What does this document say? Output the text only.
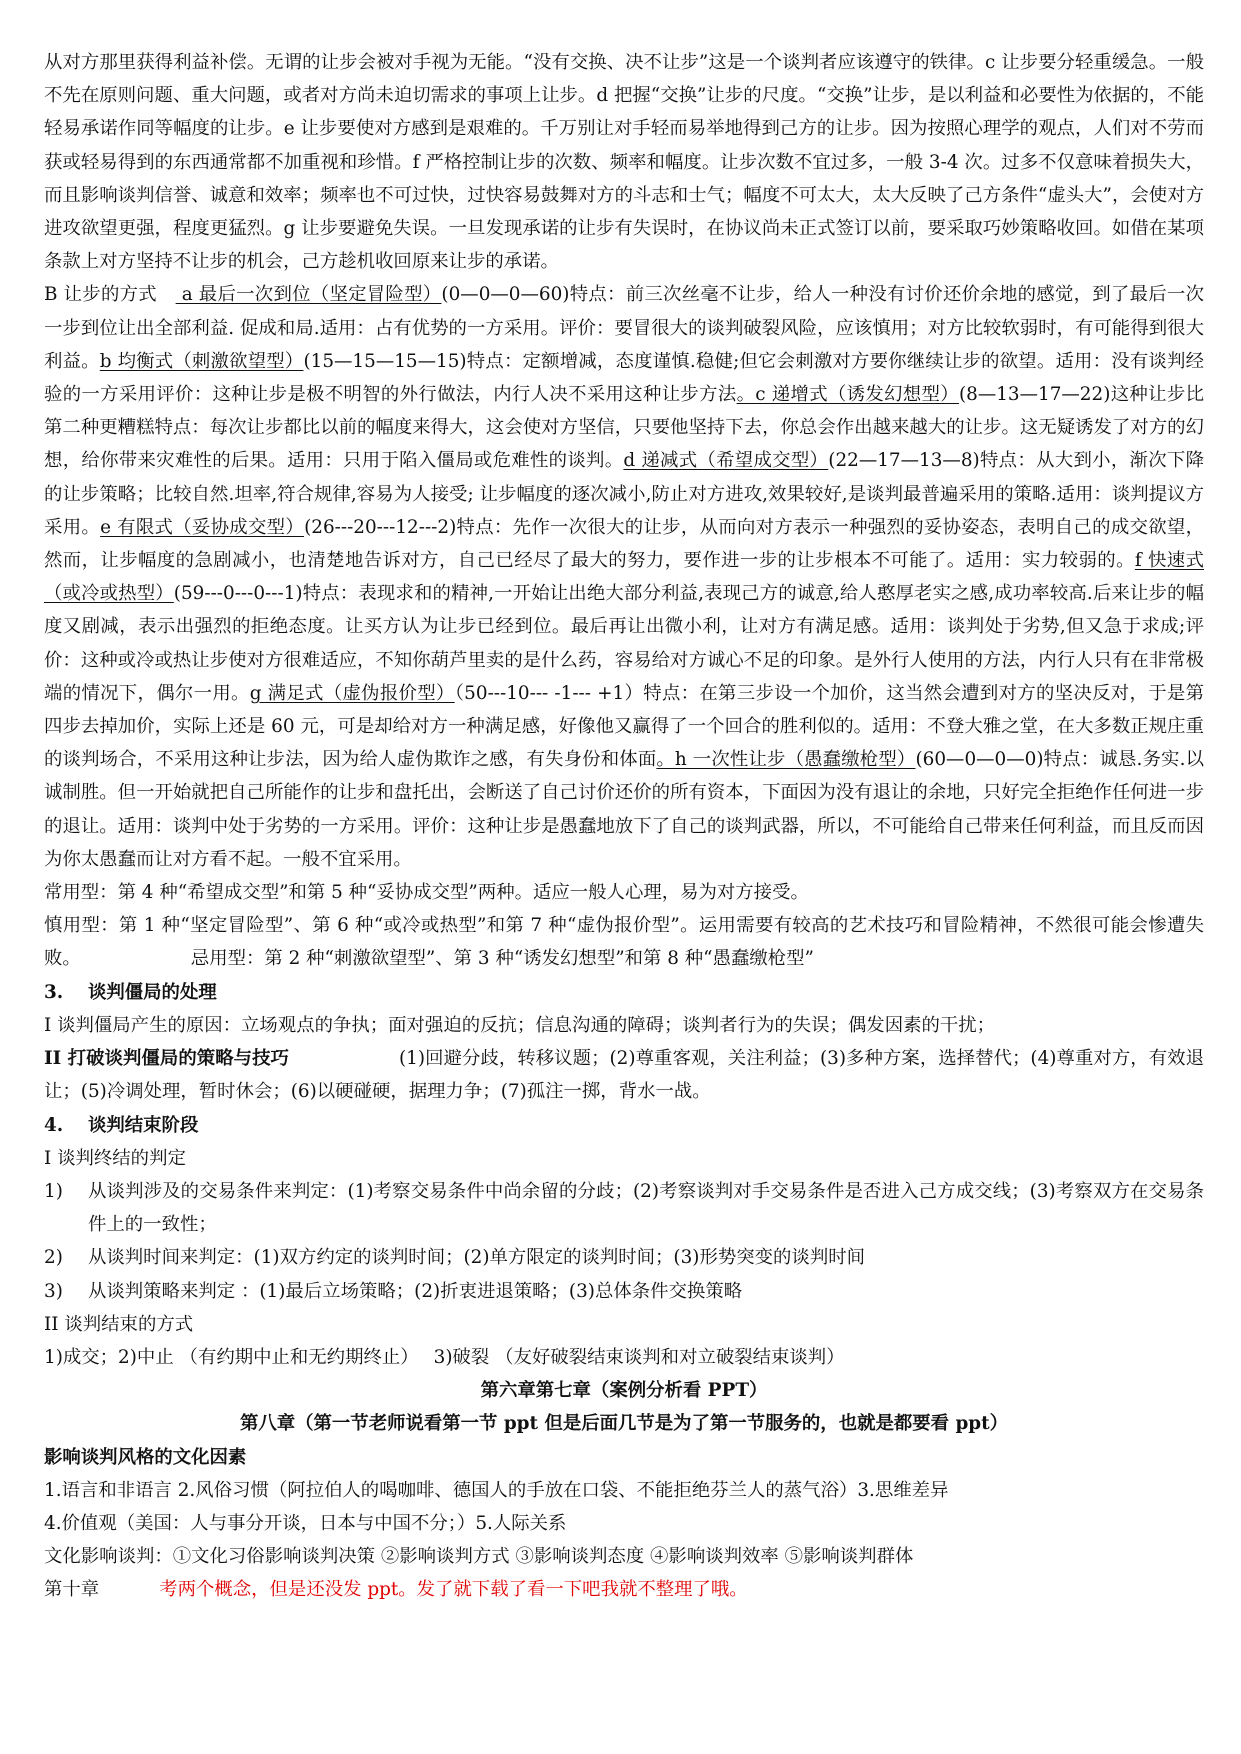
从对方那里获得利益补偿。无谓的让步会被对手视为无能。“没有交换、决不让步”这是一个谈判者应该遵守的铁律。c 让步要分轻重缓急。一般不先在原则问题、重大问题，或者对方尚未迫切需求的事项上让步。d 把握“交换”让步的尺度。“交换”让步，是以利益和必要性为依据的，不能轻易承诺作同等幅度的让步。e 让步要使对方感到是艰难的。千万别让对手轻而易举地得到己方的让步。因为按照心理学的观点，人们对不劳而获或轻易得到的东西通常都不加重视和珍惜。f 严格控制让步的次数、频率和幅度。让步次数不宜过多，一般 3-4 次。过多不仅意味着损失大，而且影响谈判信誉、诚意和效率；频率也不可过快，过快容易鼓舞对方的斗志和士气；幅度不可太大，太大反映了己方条件“虚头大”，会使对方进攻欲望更强，程度更猛烈。g 让步要避免失误。一旦发现承诺的让步有失误时，在协议尚未正式签订以前，要采取巧妙策略收回。如借在某项条款上对方坚持不让步的机会，己方趁机收回原来让步的承诺。

B 让步的方式　 a 最后一次到位（坚定冒险型）(0—0—0—60)特点：前三次丝毫不让步，给人一种没有讨价还价余地的感觉，到了最后一次一步到位让出全部利益. 促成和局.适用：占有优势的一方采用。评价：要冒很大的谈判破裂风险，应该慎用；对方比较软弱时，有可能得到很大利益。b 均衡式（刺激欲望型）(15—15—15—15)特点：定额增减，态度谨慎.稳健;但它会刺激对方要你继续让步的欲望。适用：没有谈判经验的一方采用评价：这种让步是极不明智的外行做法，内行人决不采用这种让步方法。c 递增式（诱发幻想型）(8—13—17—22)这种让步比第二种更糟糕特点：每次让步都比以前的幅度来得大，这会使对方坚信，只要他坚持下去，你总会作出越来越大的让步。这无疑诱发了对方的幻想，给你带来灾难性的后果。适用：只用于陷入僵局或危难性的谈判。d 递减式（希望成交型）(22—17—13—8)特点：从大到小，渐次下降的让步策略；比较自然.坦率,符合规律,容易为人接受; 让步幅度的逐次减小,防止对方进攻,效果较好,是谈判最普遍采用的策略.适用：谈判提议方采用。e 有限式（妥协成交型）(26---20---12---2)特点：先作一次很大的让步，从而向对方表示一种强烈的妥协姿态，表明自己的成交欲望，然而，让步幅度的急剧减小，也清楚地告诉对方，自己已经尽了最大的努力，要作进一步的让步根本不可能了。适用：实力较弱的。f 快速式（或冷或热型）(59---0---0---1)特点：表现求和的精神,一开始让出绝大部分利益,表现己方的诚意,给人憨厚老实之感,成功率较高.后来让步的幅度又剧减，表示出强烈的拒绝态度。让买方认为让步已经到位。最后再让出微小利，让对方有满足感。适用：谈判处于劣势,但又急于求成;评价：这种或冷或热让步使对方很难适应，不知你葫芦里卖的是什么药，容易给对方诚心不足的印象。是外行人使用的方法，内行人只有在非常极端的情况下，偶尔一用。g 满足式（虚伪报价型）（50---10--- -1--- +1）特点：在第三步设一个加价，这当然会遭到对方的坚决反对，于是第四步去掉加价，实际上还是 60 元，可是却给对方一种满足感，好像他又赢得了一个回合的胜利似的。适用：不登大雅之堂，在大多数正规庄重的谈判场合，不采用这种让步法，因为给人虚伪欺诈之感，有失身份和体面。h 一次性让步（愚蠢缴枪型）(60—0—0—0)特点：诚恳.务实.以诚制胜。但一开始就把自己所能作的让步和盘托出，会断送了自己讨价还价的所有资本，下面因为没有退让的余地，只好完全拒绝作任何进一步的退让。适用：谈判中处于劣势的一方采用。评价：这种让步是愚蠢地放下了自己的谈判武器，所以，不可能给自己带来任何利益，而且反而因为你太愚蠢而让对方看不起。一般不宜采用。

常用型：第 4 种“希望成交型”和第 5 种“妥协成交型”两种。适应一般人心理，易为对方接受。

慎用型：第 1 种“坚定冒险型”、第 6 种“或冷或热型”和第 7 种“虚伪报价型”。运用需要有较高的艺术技巧和冒险精神，不然很可能会惨遭失败。	忌用型：第 2 种“刺激欲望型”、第 3 种“诱发幻想型”和第 8 种“愚蠢缴枪型”

3.　 谈判僵局的处理

I 谈判僵局产生的原因：立场观点的争执；面对强迫的反抗；信息沟通的障碍；谈判者行为的失误；偶发因素的干扰；

II 打破谈判僵局的策略与技巧	(1)回避分歧，转移议题；(2)尊重客观，关注利益；(3)多种方案，选择替代；(4)尊重对方，有效退让；(5)冷调处理，暂时休会；(6)以硬碰硬，据理力争；(7)孤注一掷，背水一战。

4.　 谈判结束阶段

I 谈判终结的判定

1)	从谈判涉及的交易条件来判定：(1)考察交易条件中尚余留的分歧；(2)考察谈判对手交易条件是否进入己方成交线；(3)考察双方在交易条件上的一致性；
2)	从谈判时间来判定：(1)双方约定的谈判时间；(2)单方限定的谈判时间；(3)形势突变的谈判时间
3)	从谈判策略来判定 ：(1)最后立场策略；(2)折衷进退策略；(3)总体条件交换策略

II 谈判结束的方式

1)成交；2)中止 （有约期中止和无约期终止）　 3)破裂 （友好破裂结束谈判和对立破裂结束谈判）

第六章第七章（案例分析看 PPT）

第八章（第一节老师说看第一节 ppt 但是后面几节是为了第一节服务的，也就是都要看 ppt）

影响谈判风格的文化因素

1.语言和非语言 2.风俗习惯（阿拉伯人的喝咖啡、德国人的手放在口袋、不能拒绝芬兰人的蒸气浴）3.思维差异

4.价值观（美国：人与事分开谈，日本与中国不分；）5.人际关系

文化影响谈判：①文化习俗影响谈判决策 ②影响谈判方式 ③影响谈判态度 ④影响谈判效率 ⑤影响谈判群体

第十章	考两个概念，但是还没发 ppt。发了就下载了看一下吧我就不整理了哦。
